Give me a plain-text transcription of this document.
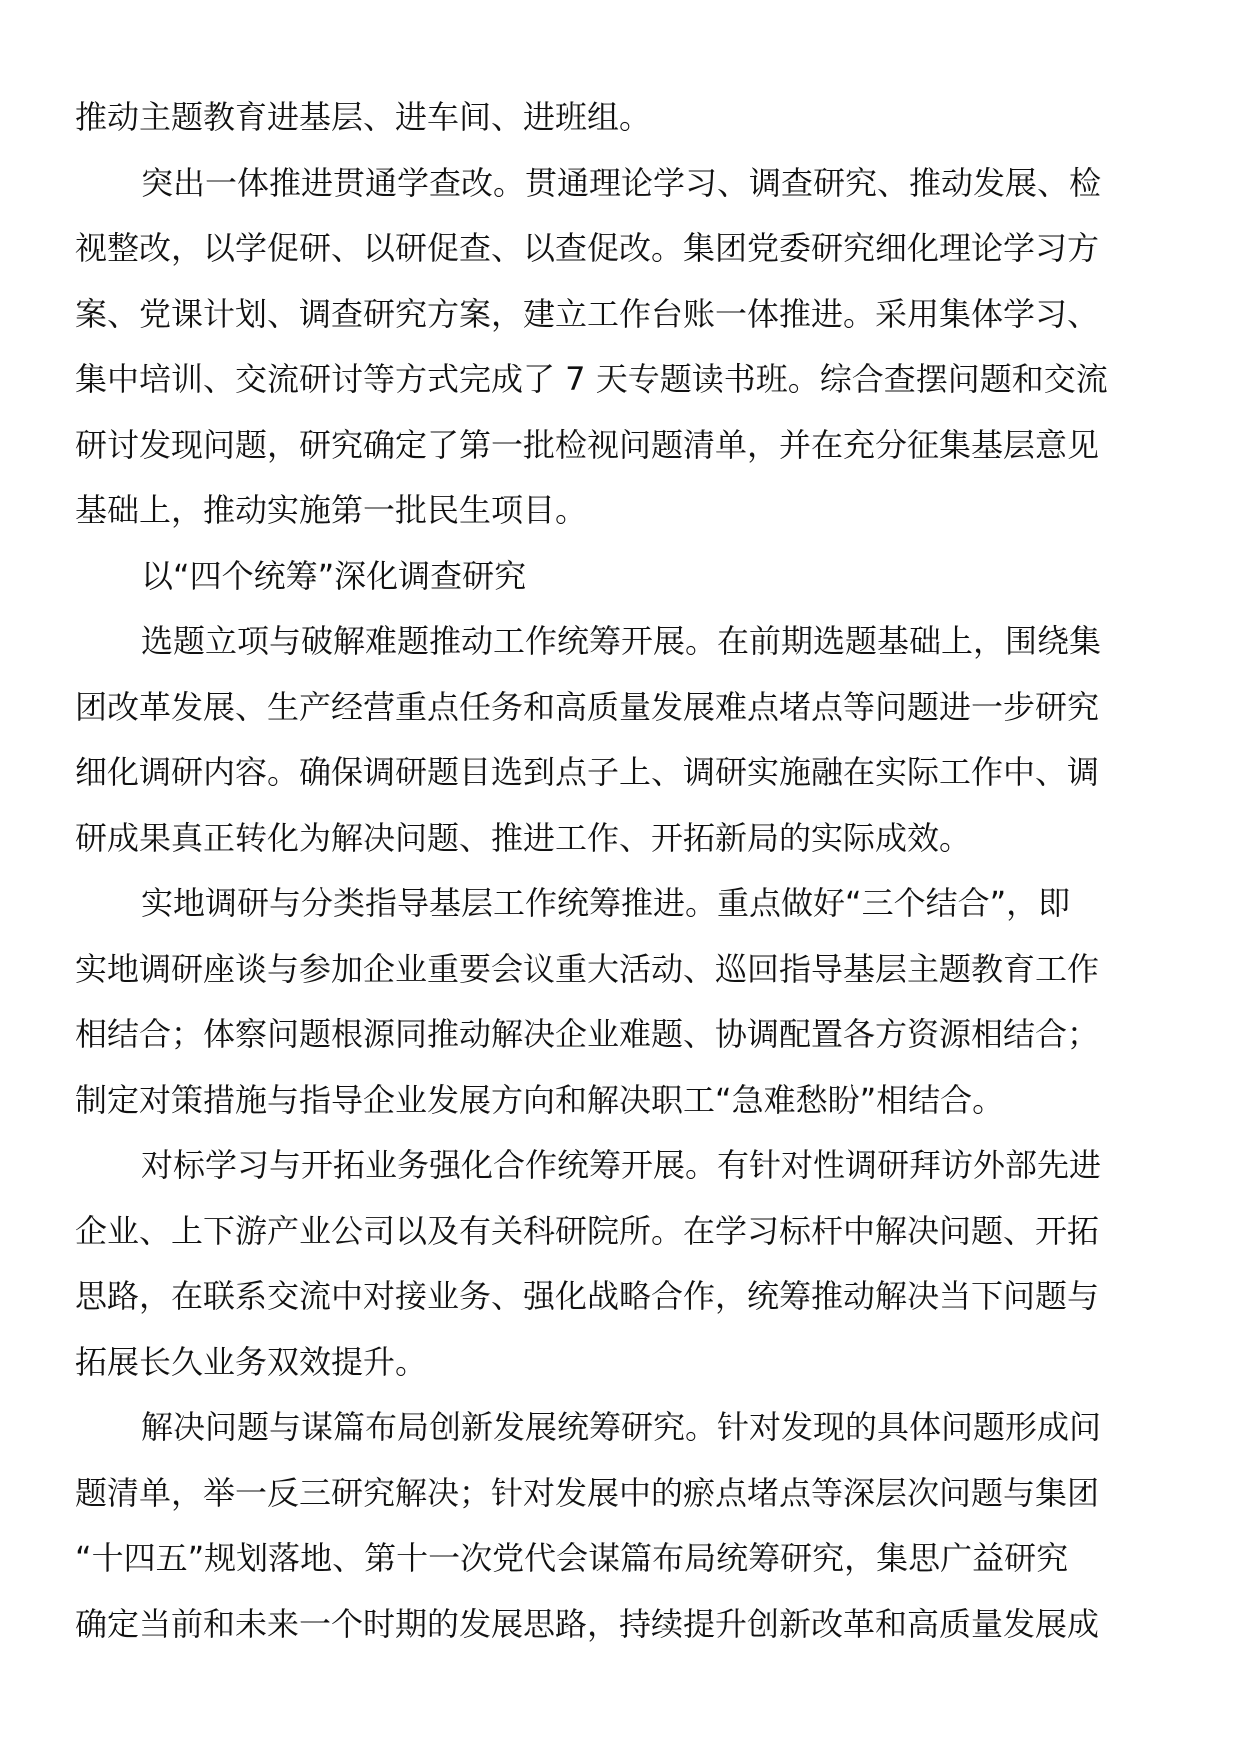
推动主题教育进基层、进车间、进班组。
突出一体推进贯通学查改。贯通理论学习、调查研究、推动发展、检
视整改，以学促研、以研促查、以查促改。集团党委研究细化理论学习方
案、党课计划、调查研究方案，建立工作台账一体推进。采用集体学习、
集中培训、交流研讨等方式完成了 7 天专题读书班。综合查摆问题和交流
研讨发现问题，研究确定了第一批检视问题清单，并在充分征集基层意见
基础上，推动实施第一批民生项目。
以“四个统筹”深化调查研究
选题立项与破解难题推动工作统筹开展。在前期选题基础上，围绕集
团改革发展、生产经营重点任务和高质量发展难点堵点等问题进一步研究
细化调研内容。确保调研题目选到点子上、调研实施融在实际工作中、调
研成果真正转化为解决问题、推进工作、开拓新局的实际成效。
实地调研与分类指导基层工作统筹推进。重点做好“三个结合”，即
实地调研座谈与参加企业重要会议重大活动、巡回指导基层主题教育工作
相结合；体察问题根源同推动解决企业难题、协调配置各方资源相结合；
制定对策措施与指导企业发展方向和解决职工“急难愁盼”相结合。
对标学习与开拓业务强化合作统筹开展。有针对性调研拜访外部先进
企业、上下游产业公司以及有关科研院所。在学习标杆中解决问题、开拓
思路，在联系交流中对接业务、强化战略合作，统筹推动解决当下问题与
拓展长久业务双效提升。
解决问题与谋篇布局创新发展统筹研究。针对发现的具体问题形成问
题清单，举一反三研究解决；针对发展中的瘀点堵点等深层次问题与集团
“十四五”规划落地、第十一次党代会谋篇布局统筹研究，集思广益研究
确定当前和未来一个时期的发展思路，持续提升创新改革和高质量发展成
